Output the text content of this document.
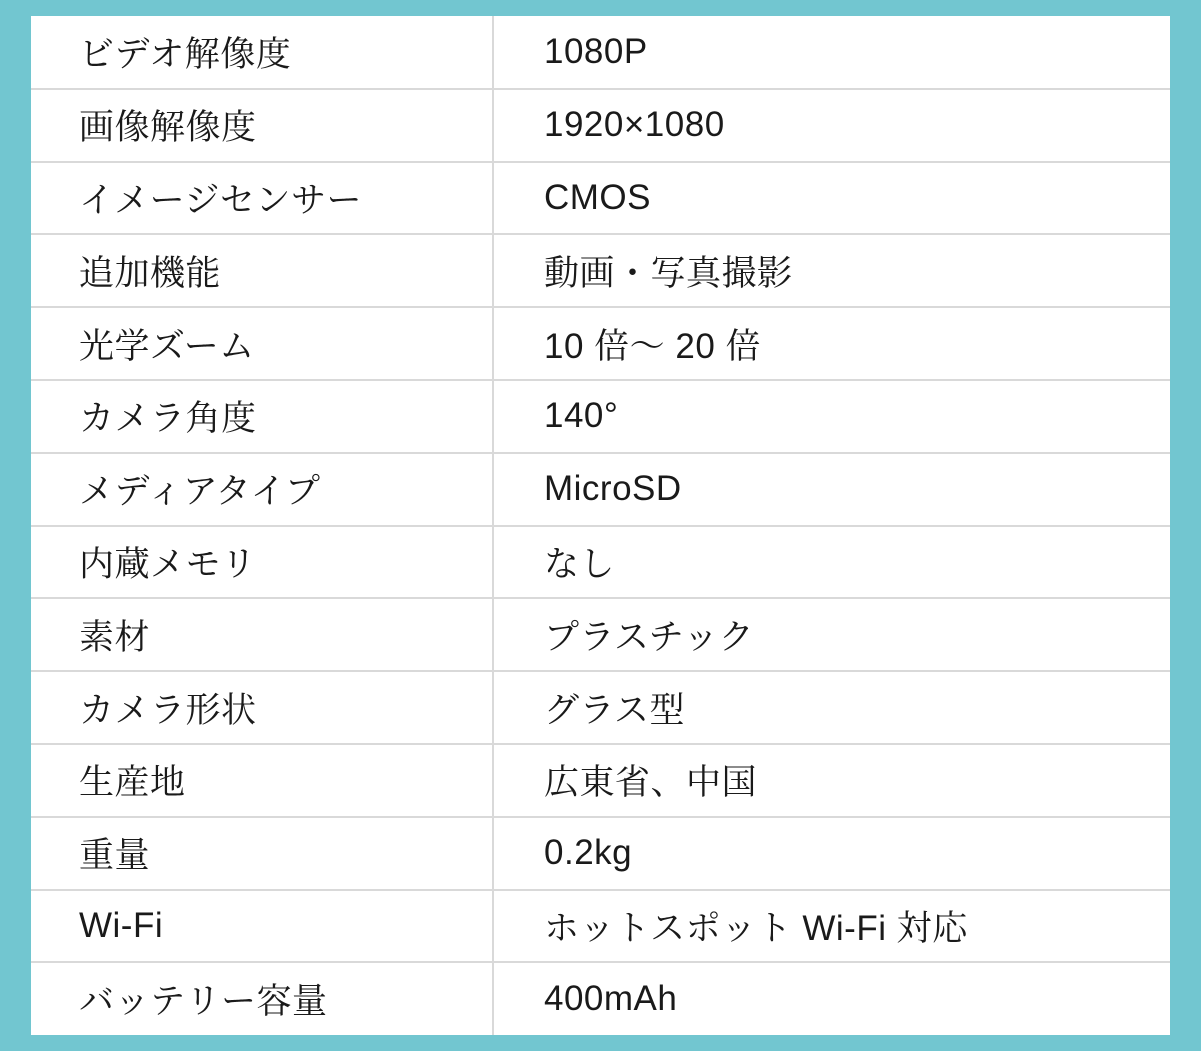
ビデオ解像度	1080P
画像解像度	1920×1080
イメージセンサー	CMOS
追加機能	動画・写真撮影
光学ズーム	10 倍〜 20 倍
カメラ角度	140°
メディアタイプ	MicroSD
内蔵メモリ	なし
素材	プラスチック
カメラ形状	グラス型
生産地	広東省、中国
重量	0.2kg
Wi-Fi	ホットスポット Wi-Fi 対応
バッテリー容量	400mAh
